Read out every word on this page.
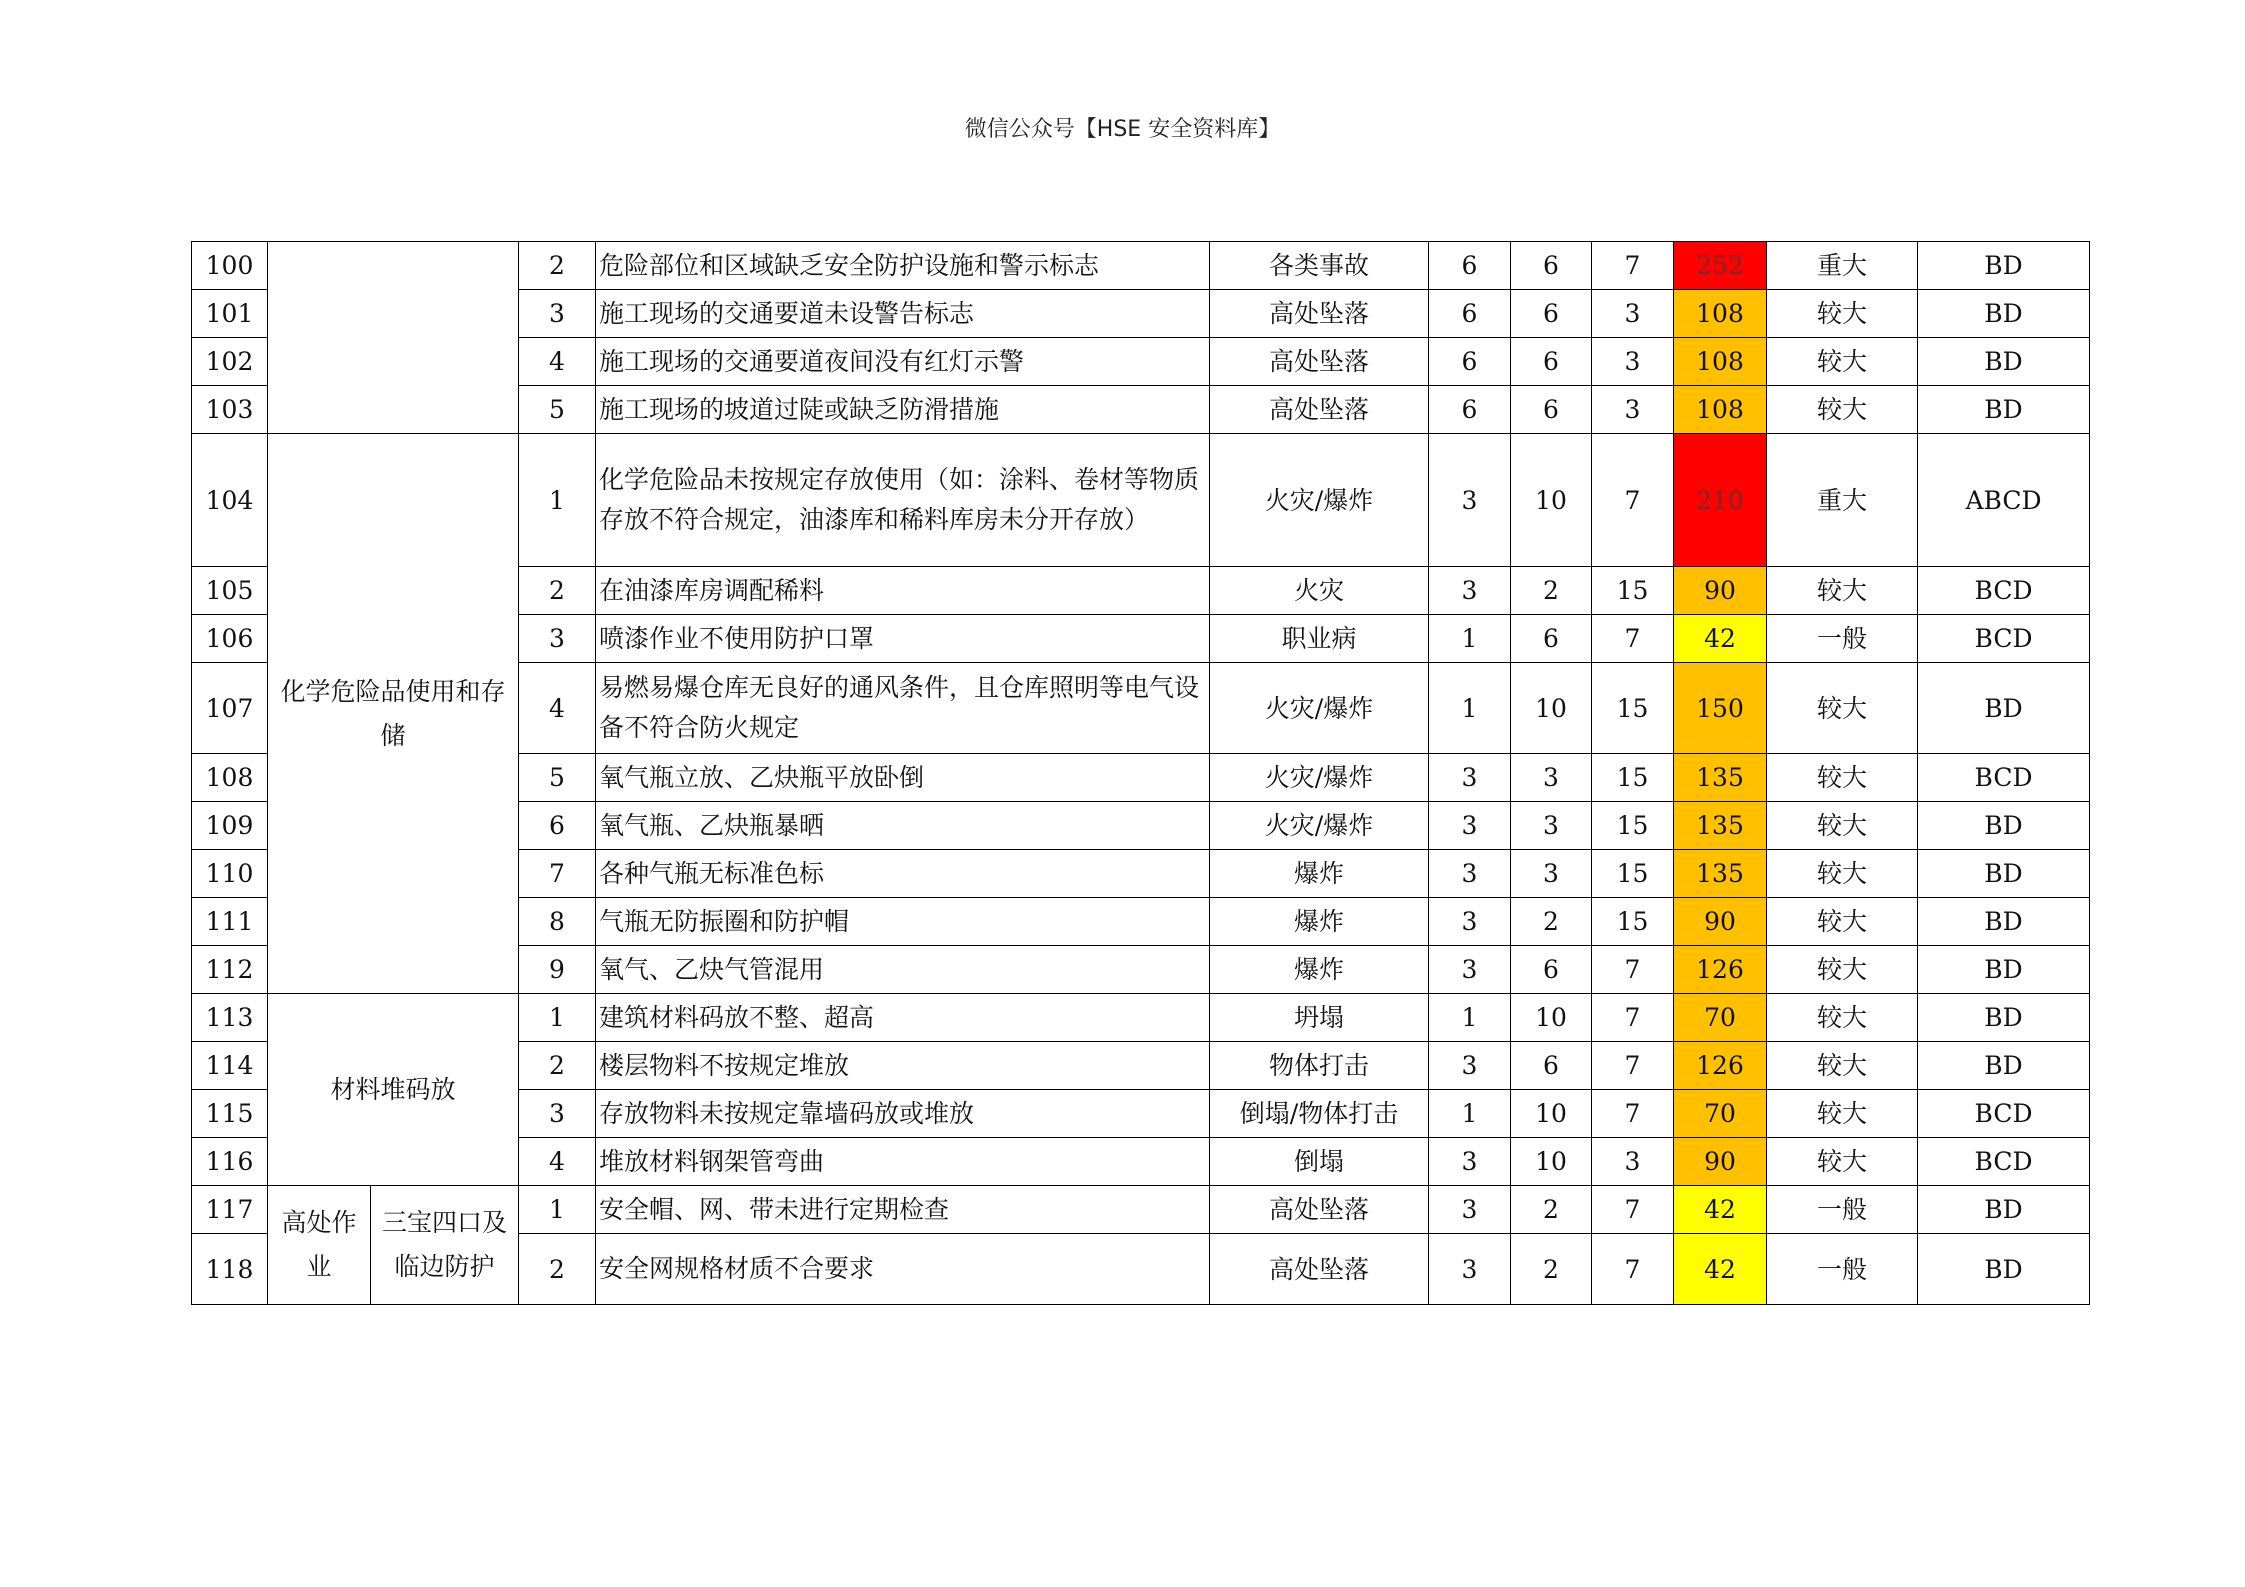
微信公众号【HSE 安全资料库】
100			2	危险部位和区域缺乏安全防护设施和警示标志	各类事故	6	6	7	252	重大	BD
101			3	施工现场的交通要道未设警告标志	高处坠落	6	6	3	108	较大	BD
102			4	施工现场的交通要道夜间没有红灯示警	高处坠落	6	6	3	108	较大	BD
103			5	施工现场的坡道过陡或缺乏防滑措施	高处坠落	6	6	3	108	较大	BD
104	化学危险品使用和存储		1	化学危险品未按规定存放使用（如：涂料、卷材等物质存放不符合规定，油漆库和稀料库房未分开存放）	火灾/爆炸	3	10	7	210	重大	ABCD
105			2	在油漆库房调配稀料	火灾	3	2	15	90	较大	BCD
106			3	喷漆作业不使用防护口罩	职业病	1	6	7	42	一般	BCD
107			4	易燃易爆仓库无良好的通风条件，且仓库照明等电气设备不符合防火规定	火灾/爆炸	1	10	15	150	较大	BD
108			5	氧气瓶立放、乙炔瓶平放卧倒	火灾/爆炸	3	3	15	135	较大	BCD
109			6	氧气瓶、乙炔瓶暴晒	火灾/爆炸	3	3	15	135	较大	BD
110			7	各种气瓶无标准色标	爆炸	3	3	15	135	较大	BD
111			8	气瓶无防振圈和防护帽	爆炸	3	2	15	90	较大	BD
112			9	氧气、乙炔气管混用	爆炸	3	6	7	126	较大	BD
113	材料堆码放		1	建筑材料码放不整、超高	坍塌	1	10	7	70	较大	BD
114			2	楼层物料不按规定堆放	物体打击	3	6	7	126	较大	BD
115			3	存放物料未按规定靠墙码放或堆放	倒塌/物体打击	1	10	7	70	较大	BCD
116			4	堆放材料钢架管弯曲	倒塌	3	10	3	90	较大	BCD
117	高处作业	三宝四口及临边防护	1	安全帽、网、带未进行定期检查	高处坠落	3	2	7	42	一般	BD
118			2	安全网规格材质不合要求	高处坠落	3	2	7	42	一般	BD
